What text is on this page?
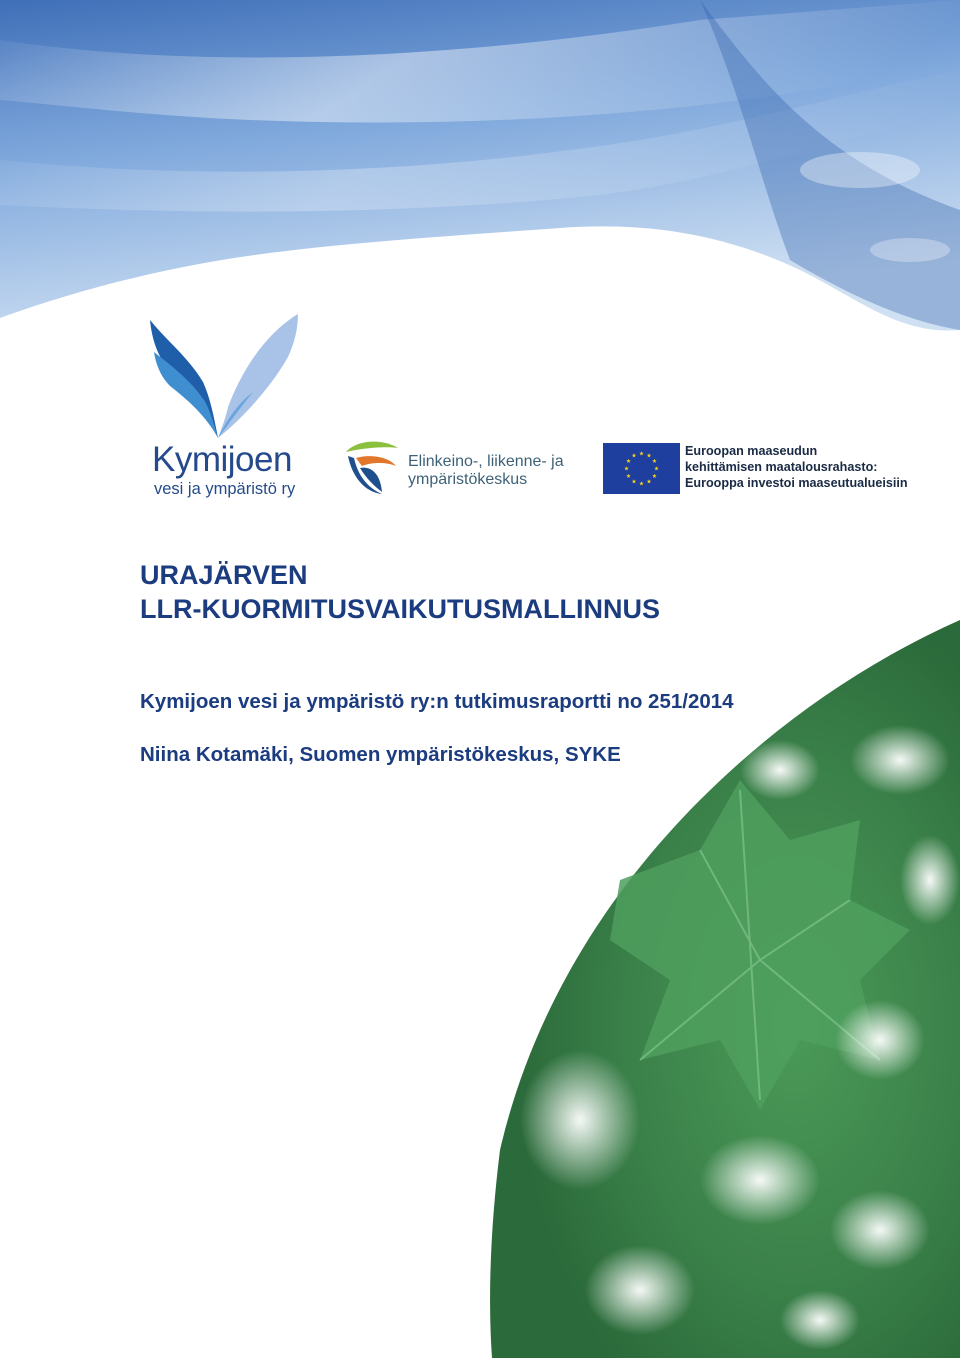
Kymijoen
vesi ja ympäristö ry
Elinkeino-, liikenne- ja
ympäristökeskus
Euroopan maaseudun
kehittämisen maatalousrahasto:
Eurooppa investoi maaseutualueisiin
URAJÄRVEN
LLR-KUORMITUSVAIKUTUSMALLINNUS
Kymijoen vesi ja ympäristö ry:n tutkimusraportti no 251/2014
Niina Kotamäki, Suomen ympäristökeskus, SYKE
